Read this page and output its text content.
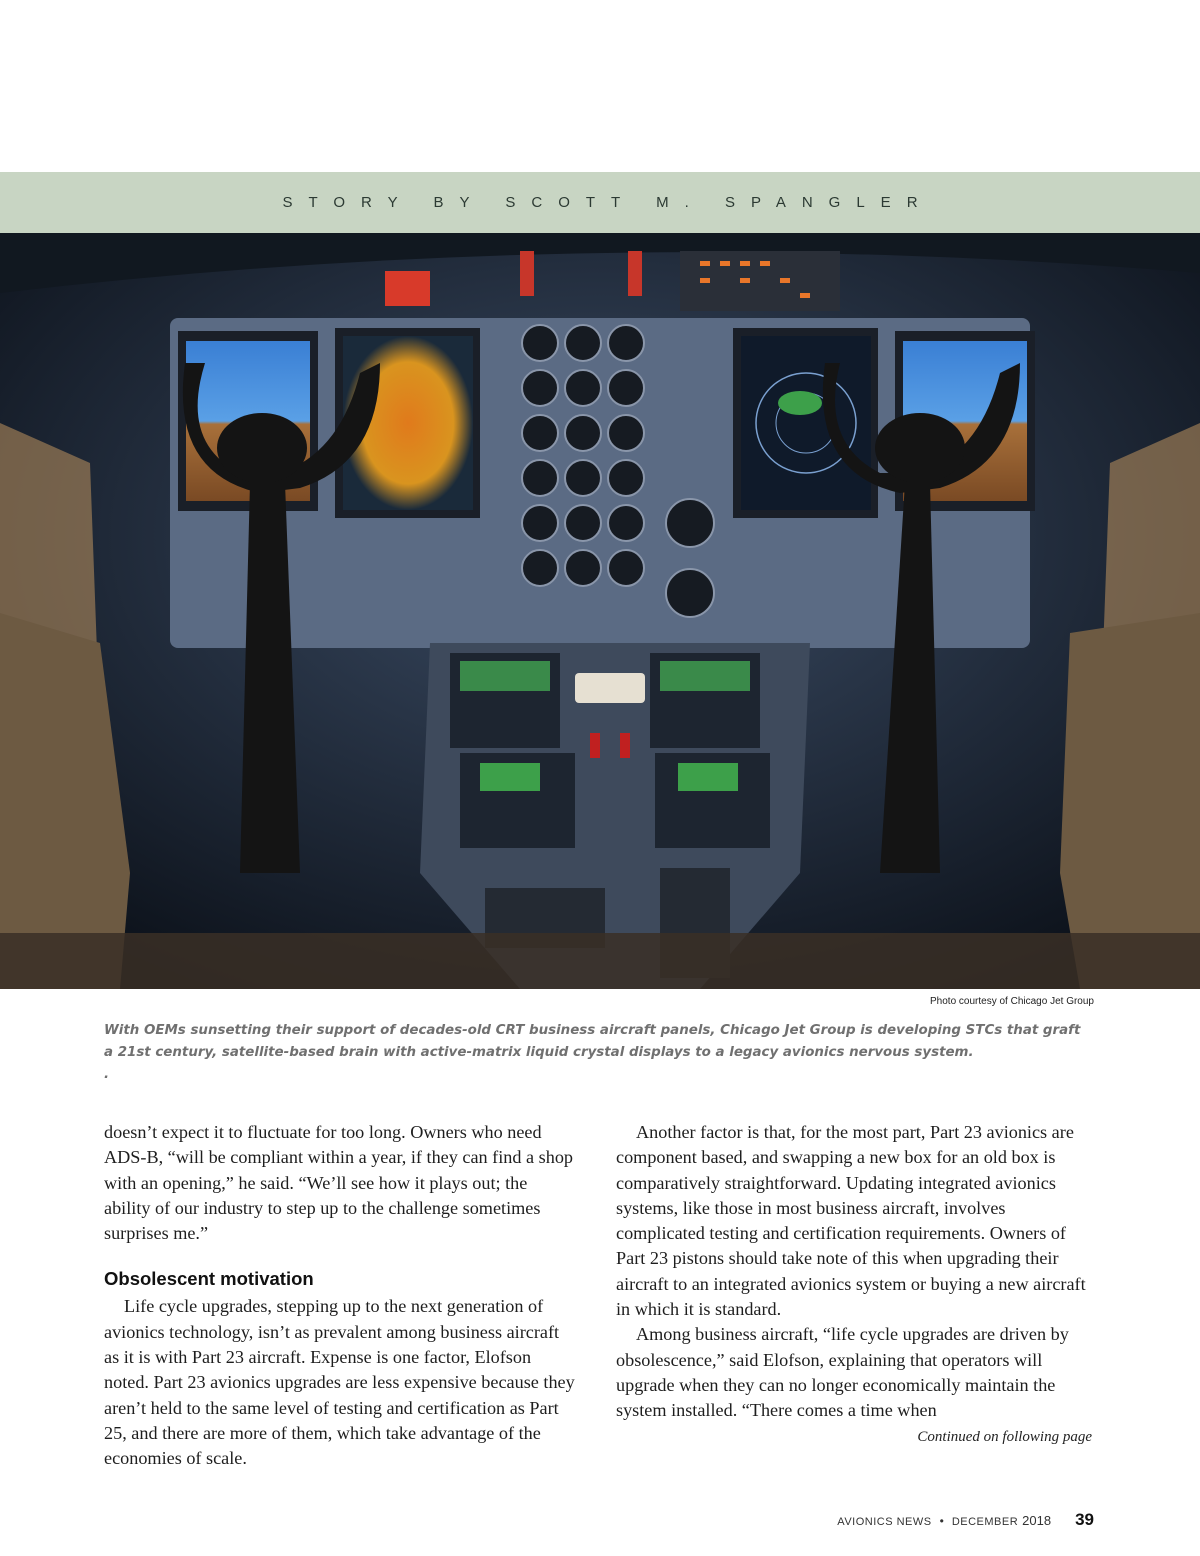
STORY BY SCOTT M. SPANGLER
Photo courtesy of Chicago Jet Group
With OEMs sunsetting their support of decades-old CRT business aircraft panels, Chicago Jet Group is developing STCs that graft a 21st century, satellite-based brain with active-matrix liquid crystal displays to a legacy avionics nervous system.
.

doesn’t expect it to fluctuate for too long. Owners who need ADS-B, “will be compliant within a year, if they can find a shop with an opening,” he said. “We’ll see how it plays out; the ability of our industry to step up to the challenge sometimes surprises me.”

Obsolescent motivation

Life cycle upgrades, stepping up to the next generation of avionics technology, isn’t as prevalent among business aircraft as it is with Part 23 aircraft. Expense is one factor, Elofson noted. Part 23 avionics upgrades are less expensive because they aren’t held to the same level of testing and certification as Part 25, and there are more of them, which take advantage of the economies of scale.

Another factor is that, for the most part, Part 23 avionics are component based, and swapping a new box for an old box is comparatively straightforward. Updating integrated avionics systems, like those in most business aircraft, involves complicated testing and certification requirements. Owners of Part 23 pistons should take note of this when upgrading their aircraft to an integrated avionics system or buying a new aircraft in which it is standard.

Among business aircraft, “life cycle upgrades are driven by obsolescence,” said Elofson, explaining that operators will upgrade when they can no longer economically maintain the system installed. “There comes a time when

Continued on following page
AVIONICS NEWS • DECEMBER 2018 39
